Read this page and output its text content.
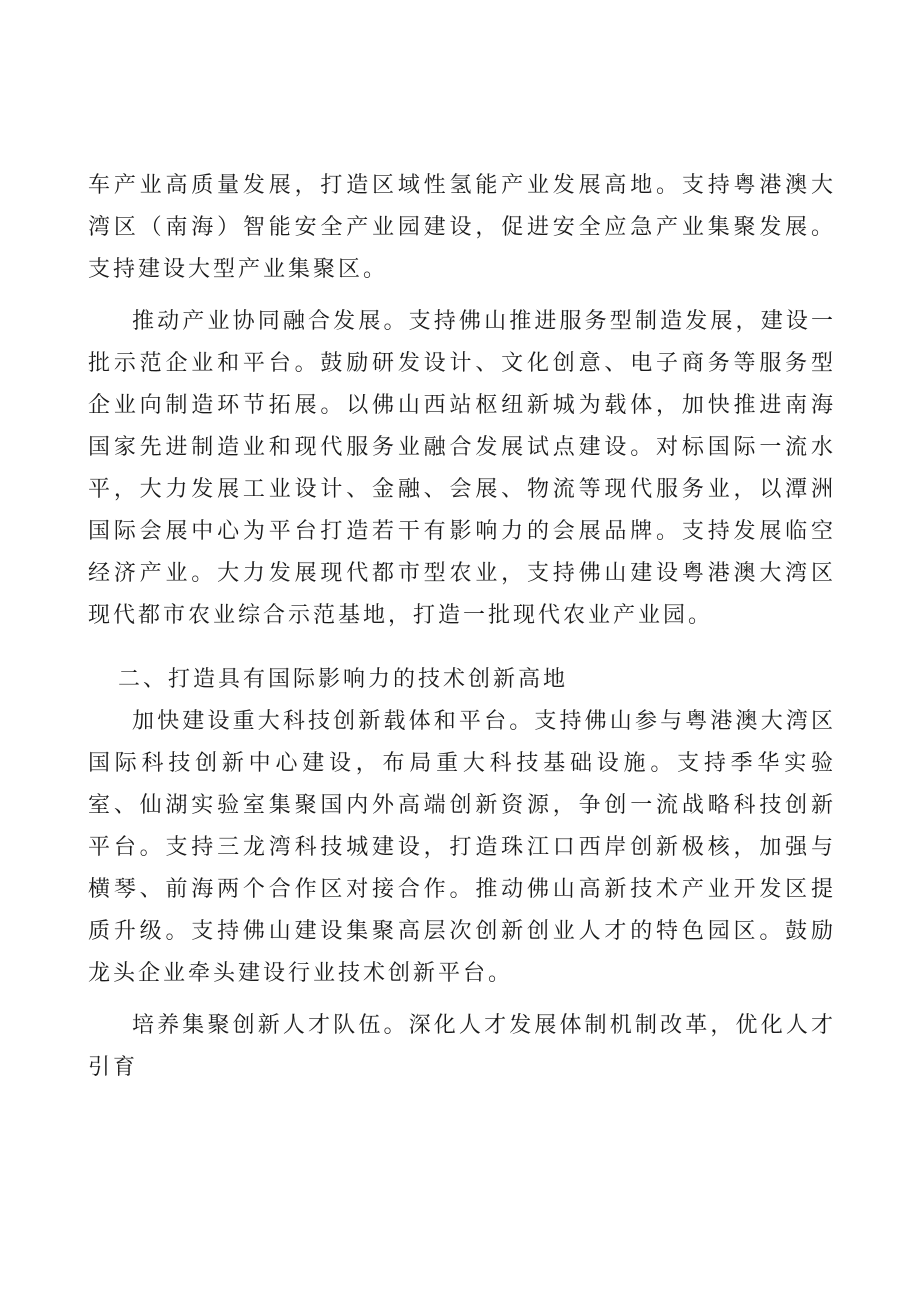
车产业高质量发展，打造区域性氢能产业发展高地。支持粤港澳大湾区（南海）智能安全产业园建设，促进安全应急产业集聚发展。支持建设大型产业集聚区。

推动产业协同融合发展。支持佛山推进服务型制造发展，建设一批示范企业和平台。鼓励研发设计、文化创意、电子商务等服务型企业向制造环节拓展。以佛山西站枢纽新城为载体，加快推进南海国家先进制造业和现代服务业融合发展试点建设。对标国际一流水平，大力发展工业设计、金融、会展、物流等现代服务业，以潭洲国际会展中心为平台打造若干有影响力的会展品牌。支持发展临空经济产业。大力发展现代都市型农业，支持佛山建设粤港澳大湾区现代都市农业综合示范基地，打造一批现代农业产业园。

二、打造具有国际影响力的技术创新高地

加快建设重大科技创新载体和平台。支持佛山参与粤港澳大湾区国际科技创新中心建设，布局重大科技基础设施。支持季华实验室、仙湖实验室集聚国内外高端创新资源，争创一流战略科技创新平台。支持三龙湾科技城建设，打造珠江口西岸创新极核，加强与横琴、前海两个合作区对接合作。推动佛山高新技术产业开发区提质升级。支持佛山建设集聚高层次创新创业人才的特色园区。鼓励龙头企业牵头建设行业技术创新平台。

培养集聚创新人才队伍。深化人才发展体制机制改革，优化人才引育
